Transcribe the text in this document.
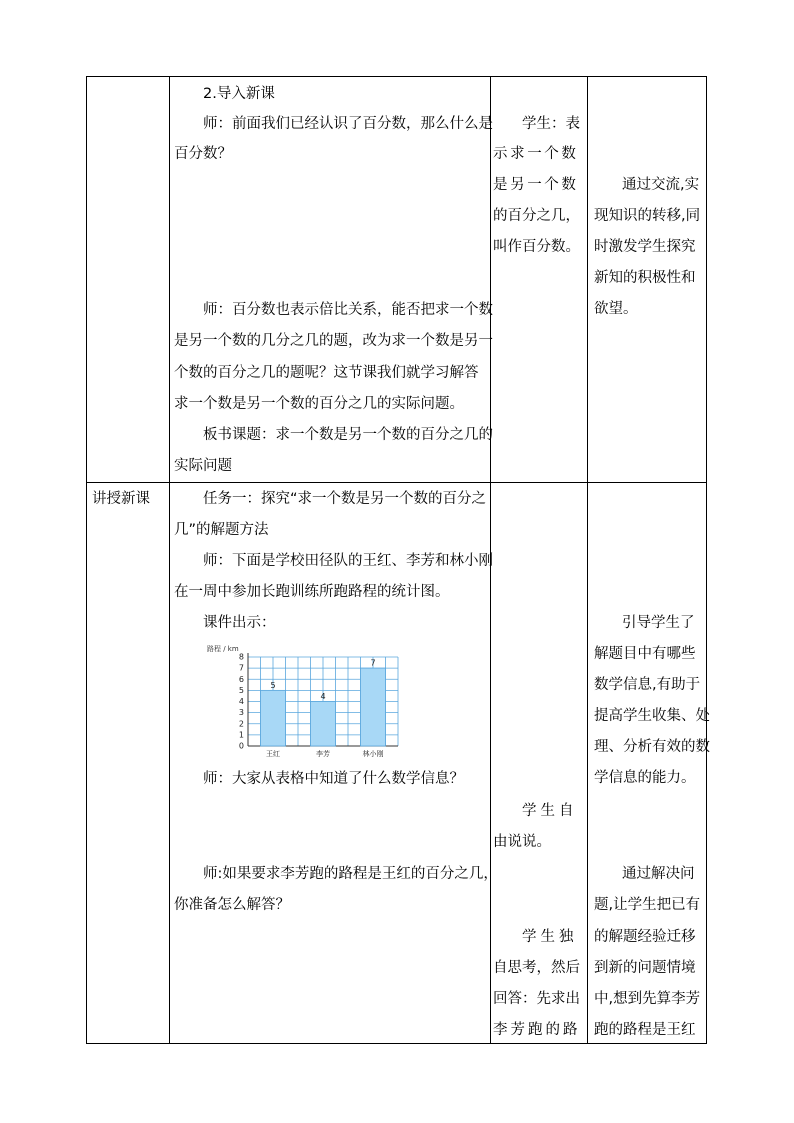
2.导入新课
师：前面我们已经认识了百分数，那么什么是
百分数？
师：百分数也表示倍比关系，能否把求一个数
是另一个数的几分之几的题，改为求一个数是另一
个数的百分之几的题呢？这节课我们就学习解答
求一个数是另一个数的百分之几的实际问题。
板书课题：求一个数是另一个数的百分之几的
实际问题
学生：表
示求一个数
是另一个数
的百分之几，
叫作百分数。
通过交流,实
现知识的转移,同
时激发学生探究
新知的积极性和
欲望。
讲授新课	任务一：探究“求一个数是另一个数的百分之
几”的解题方法
师：下面是学校田径队的王红、李芳和林小刚
在一周中参加长跑训练所跑路程的统计图。
课件出示：
0
1
2
3
4
5
6
7
8
5
王红
4
李芳
7
林小刚
路程 / km
师：大家从表格中知道了什么数学信息？
师:如果要求李芳跑的路程是王红的百分之几，
你准备怎么解答？
学生自
由说说。
学生独
自思考，然后
回答：先求出
李芳跑的路
引导学生了
解题目中有哪些
数学信息,有助于
提高学生收集、处
理、分析有效的数
学信息的能力。
通过解决问
题,让学生把已有
的解题经验迁移
到新的问题情境
中,想到先算李芳
跑的路程是王红
